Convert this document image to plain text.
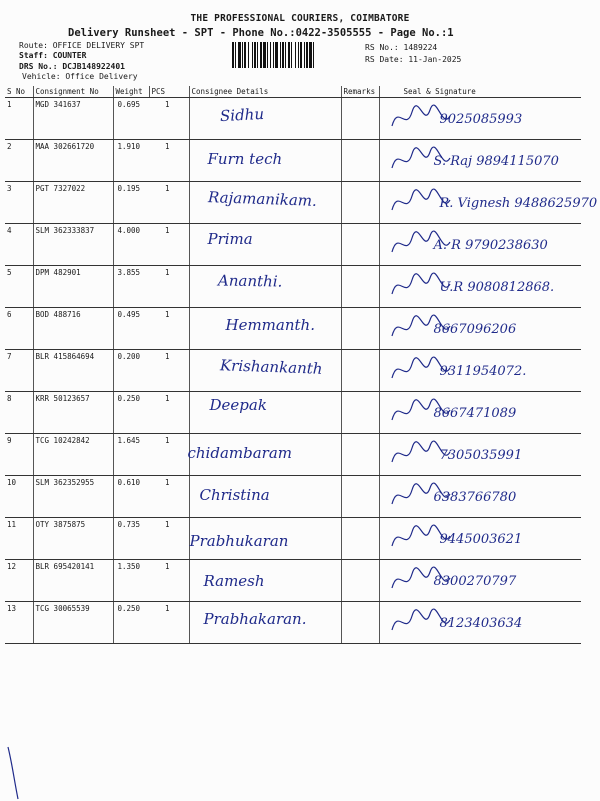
THE PROFESSIONAL COURIERS, COIMBATORE
Delivery Runsheet - SPT - Phone No.:0422-3505555 - Page No.:1
Route: OFFICE DELIVERY SPT
Staff: COUNTER
DRS No.: DCJB148922401
Vehicle: Office Delivery
RS No.: 1489224
RS Date: 11-Jan-2025
S No	Consignment No	Weight	PCS	Consignee Details	Remarks	Seal & Signature
1	MGD 341637	0.695	1	Sidhu		9025085993

2	MAA 302661720	1.910	1	Furn tech		S. Raj 9894115070

3	PGT 7327022	0.195	1	Rajamanikam.		R. Vignesh 9488625970

4	SLM 362333837	4.000	1	Prima		A. R 9790238630

5	DPM 482901	3.855	1	Ananthi.		U.R 9080812868.

6	BOD 488716	0.495	1	Hemmanth.		8667096206

7	BLR 415864694	0.200	1	Krishankanth		9311954072.

8	KRR 50123657	0.250	1	Deepak		8667471089

9	TCG 10242842	1.645	1	chidambaram		7305035991

10	SLM 362352955	0.610	1	Christina		6383766780

11	OTY 3875875	0.735	1	Prabhukaran		9445003621

12	BLR 695420141	1.350	1	Ramesh		8300270797

13	TCG 30065539	0.250	1	Prabhakaran.		8123403634
